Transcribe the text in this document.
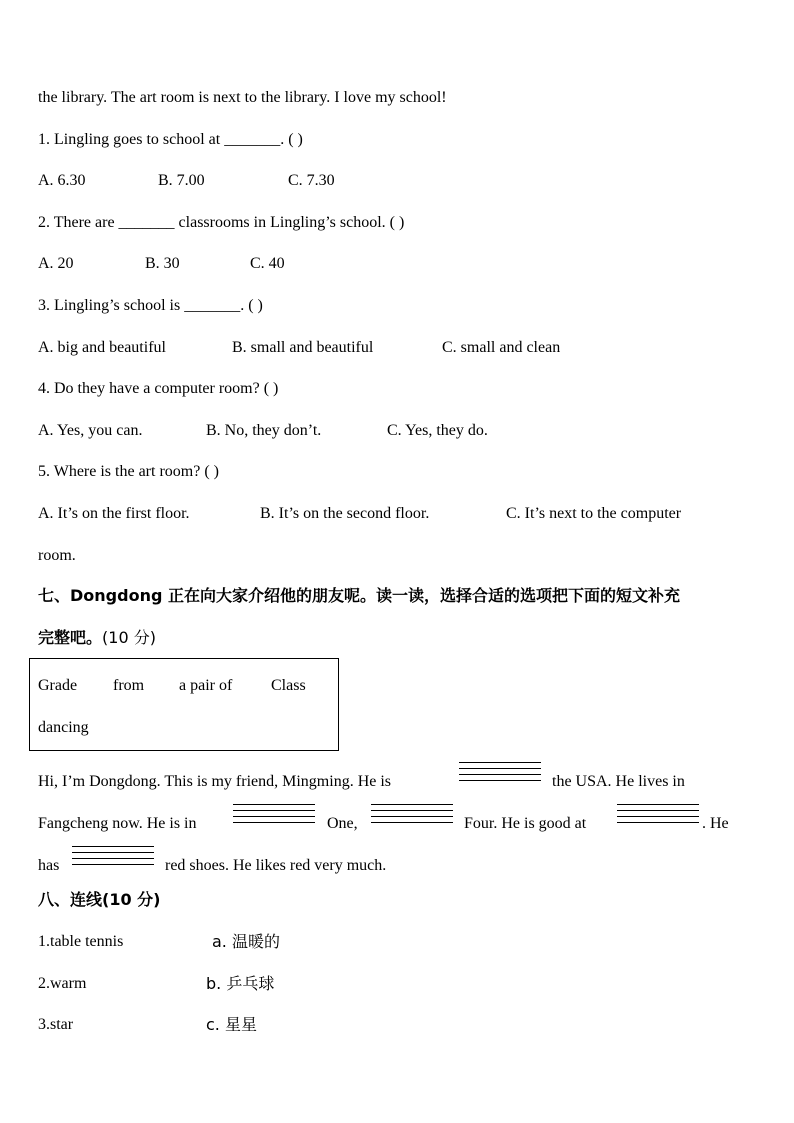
the library. The art room is next to the library. I love my school!
1. Lingling goes to school at _______. ( )
A. 6.30	B. 7.00	C. 7.30
2. There are _______ classrooms in Lingling’s school. ( )
A. 20	B. 30	C. 40
3. Lingling’s school is _______. ( )
A. big and beautiful	B. small and beautiful	C. small and clean
4. Do they have a computer room? ( )
A. Yes, you can.	B. No, they don’t.	C. Yes, they do.
5. Where is the art room? ( )
A. It’s on the first floor.	B. It’s on the second floor.	C. It’s next to the computer
room.
七、Dongdong 正在向大家介绍他的朋友呢。读一读，选择合适的选项把下面的短文补充
完整吧。(10 分)
Grade from a pair of Class
dancing
Hi, I’m Dongdong. This is my friend, Mingming. He is	the USA. He lives in
Fangcheng now. He is in	One,	Four. He is good at	. He
has	red shoes. He likes red very much.
八、连线(10 分)
1.table tennis	a. 温暖的
2.warm	b. 乒乓球
3.star	c. 星星
